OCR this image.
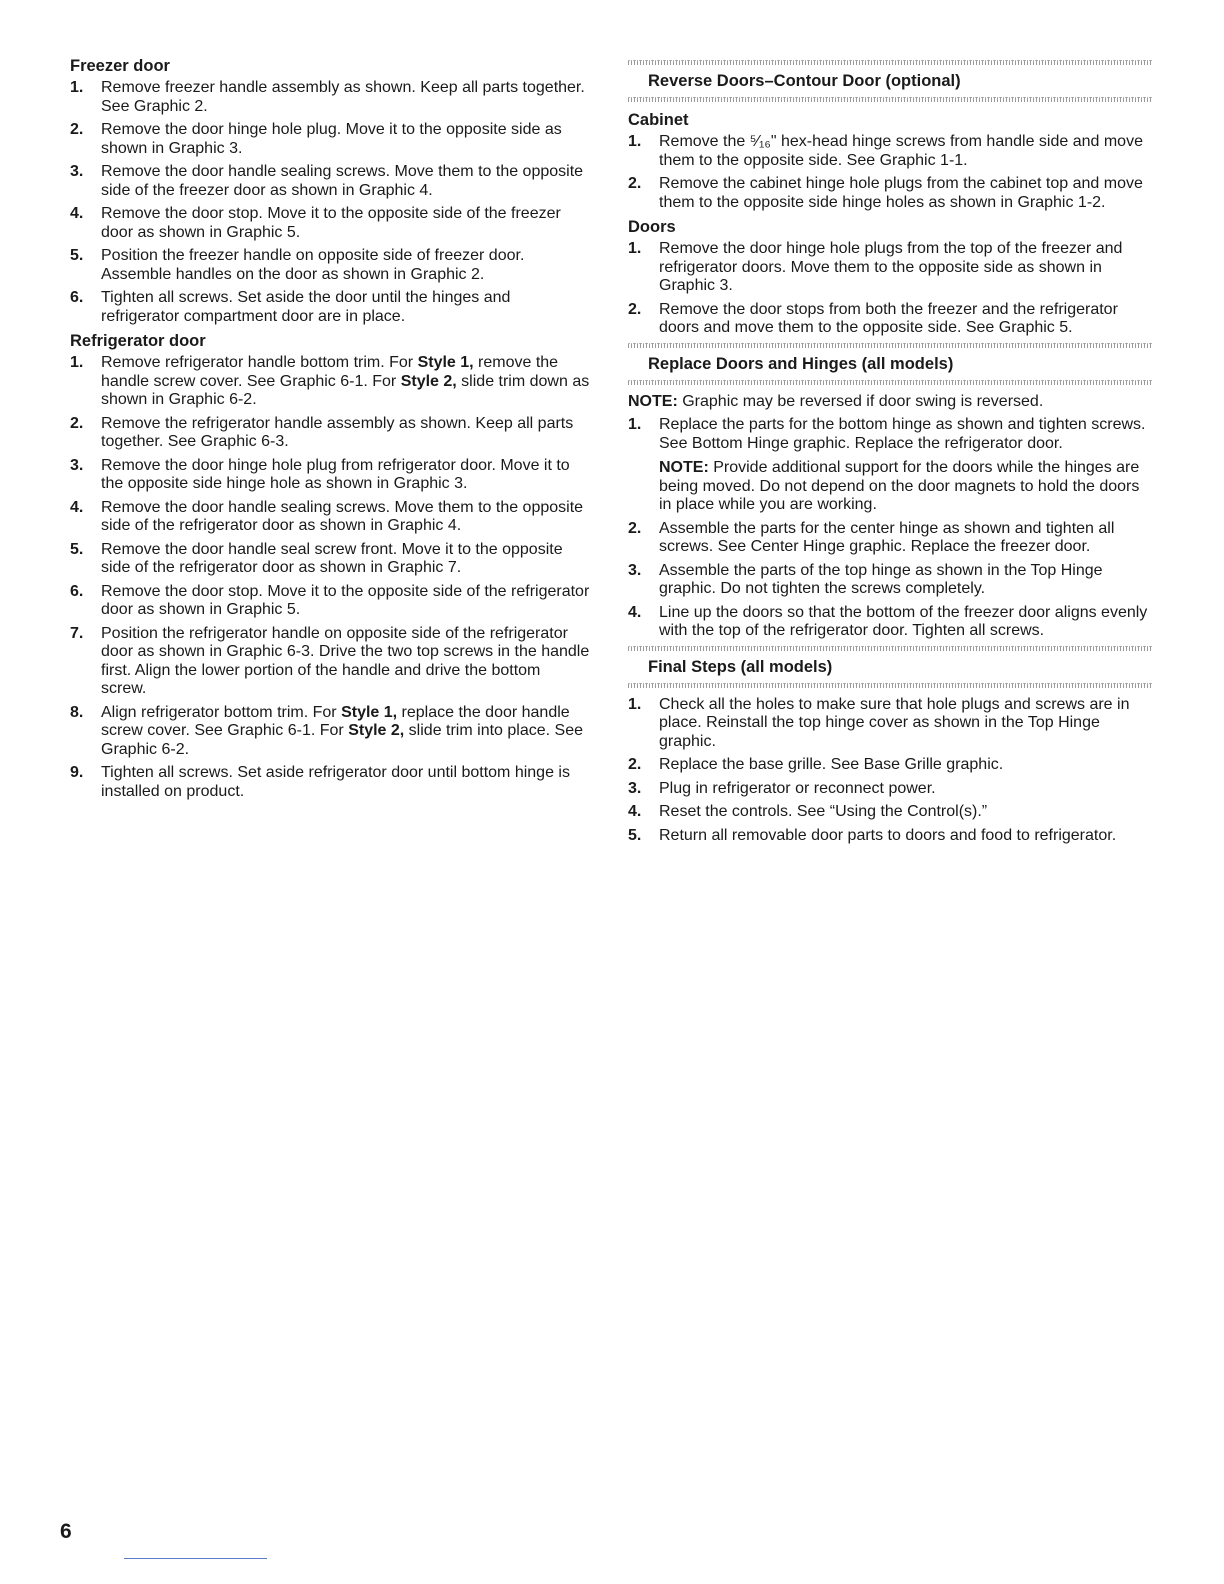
Freezer door
1. Remove freezer handle assembly as shown. Keep all parts together. See Graphic 2.
2. Remove the door hinge hole plug. Move it to the opposite side as shown in Graphic 3.
3. Remove the door handle sealing screws. Move them to the opposite side of the freezer door as shown in Graphic 4.
4. Remove the door stop. Move it to the opposite side of the freezer door as shown in Graphic 5.
5. Position the freezer handle on opposite side of freezer door. Assemble handles on the door as shown in Graphic 2.
6. Tighten all screws. Set aside the door until the hinges and refrigerator compartment door are in place.
Refrigerator door
1. Remove refrigerator handle bottom trim. For Style 1, remove the handle screw cover. See Graphic 6-1. For Style 2, slide trim down as shown in Graphic 6-2.
2. Remove the refrigerator handle assembly as shown. Keep all parts together. See Graphic 6-3.
3. Remove the door hinge hole plug from refrigerator door. Move it to the opposite side hinge hole as shown in Graphic 3.
4. Remove the door handle sealing screws. Move them to the opposite side of the refrigerator door as shown in Graphic 4.
5. Remove the door handle seal screw front. Move it to the opposite side of the refrigerator door as shown in Graphic 7.
6. Remove the door stop. Move it to the opposite side of the refrigerator door as shown in Graphic 5.
7. Position the refrigerator handle on opposite side of the refrigerator door as shown in Graphic 6-3. Drive the two top screws in the handle first. Align the lower portion of the handle and drive the bottom screw.
8. Align refrigerator bottom trim. For Style 1, replace the door handle screw cover. See Graphic 6-1. For Style 2, slide trim into place. See Graphic 6-2.
9. Tighten all screws. Set aside refrigerator door until bottom hinge is installed on product.
Reverse Doors–Contour Door (optional)
Cabinet
1. Remove the ⁵⁄₁₆" hex-head hinge screws from handle side and move them to the opposite side. See Graphic 1-1.
2. Remove the cabinet hinge hole plugs from the cabinet top and move them to the opposite side hinge holes as shown in Graphic 1-2.
Doors
1. Remove the door hinge hole plugs from the top of the freezer and refrigerator doors. Move them to the opposite side as shown in Graphic 3.
2. Remove the door stops from both the freezer and the refrigerator doors and move them to the opposite side. See Graphic 5.
Replace Doors and Hinges (all models)

NOTE: Graphic may be reversed if door swing is reversed.

1. Replace the parts for the bottom hinge as shown and tighten screws. See Bottom Hinge graphic. Replace the refrigerator door.
NOTE: Provide additional support for the doors while the hinges are being moved. Do not depend on the door magnets to hold the doors in place while you are working.
2. Assemble the parts for the center hinge as shown and tighten all screws. See Center Hinge graphic. Replace the freezer door.
3. Assemble the parts of the top hinge as shown in the Top Hinge graphic. Do not tighten the screws completely.
4. Line up the doors so that the bottom of the freezer door aligns evenly with the top of the refrigerator door. Tighten all screws.
Final Steps (all models)
1. Check all the holes to make sure that hole plugs and screws are in place. Reinstall the top hinge cover as shown in the Top Hinge graphic.
2. Replace the base grille. See Base Grille graphic.
3. Plug in refrigerator or reconnect power.
4. Reset the controls. See “Using the Control(s).”
5. Return all removable door parts to doors and food to refrigerator.
6
